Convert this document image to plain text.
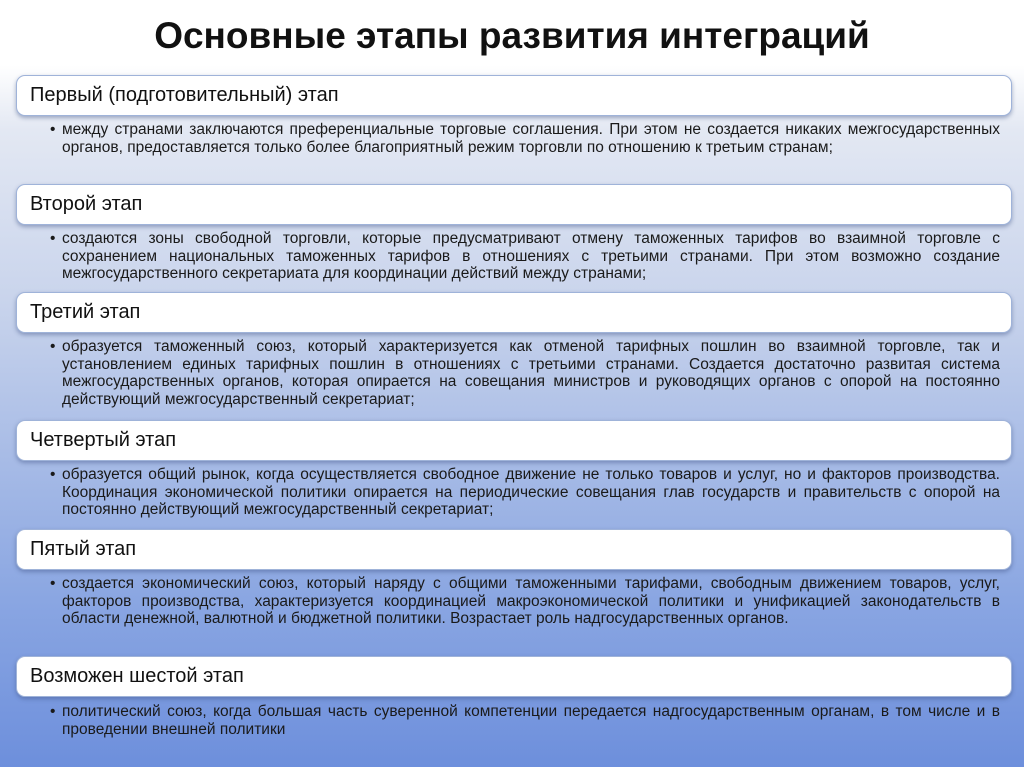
Основные этапы развития интеграций
Первый (подготовительный) этап
• между странами заключаются преференциальные торговые соглашения. При этом не создается никаких межгосударственных органов, предоставляется только более благоприятный режим торговли по отношению к третьим странам;
Второй этап
• создаются зоны свободной торговли, которые предусматривают отмену таможенных тарифов во взаимной торговле с сохранением национальных таможенных тарифов в отношениях с третьими странами. При этом возможно создание межгосударственного секретариата для координации действий между странами;
Третий этап
• образуется таможенный союз, который характеризуется как отменой тарифных пошлин во взаимной торговле, так и установлением единых тарифных пошлин в отношениях с третьими странами. Создается достаточно развитая система межгосударственных органов, которая опирается на совещания министров и руководящих органов с опорой на постоянно действующий межгосударственный секретариат;
Четвертый этап
• образуется общий рынок, когда осуществляется свободное движение не только товаров и услуг, но и факторов производства. Координация экономической политики опирается на периодические совещания глав государств и правительств с опорой на постоянно действующий межгосударственный секретариат;
Пятый этап
• создается экономический союз, который наряду с общими таможенными тарифами, свободным движением товаров, услуг, факторов производства, характеризуется координацией макроэкономической политики и унификацией законодательств в области денежной, валютной и бюджетной политики. Возрастает роль надгосударственных органов.
Возможен шестой этап
• политический союз, когда большая часть суверенной компетенции передается надгосударственным органам, в том числе и в проведении внешней политики
